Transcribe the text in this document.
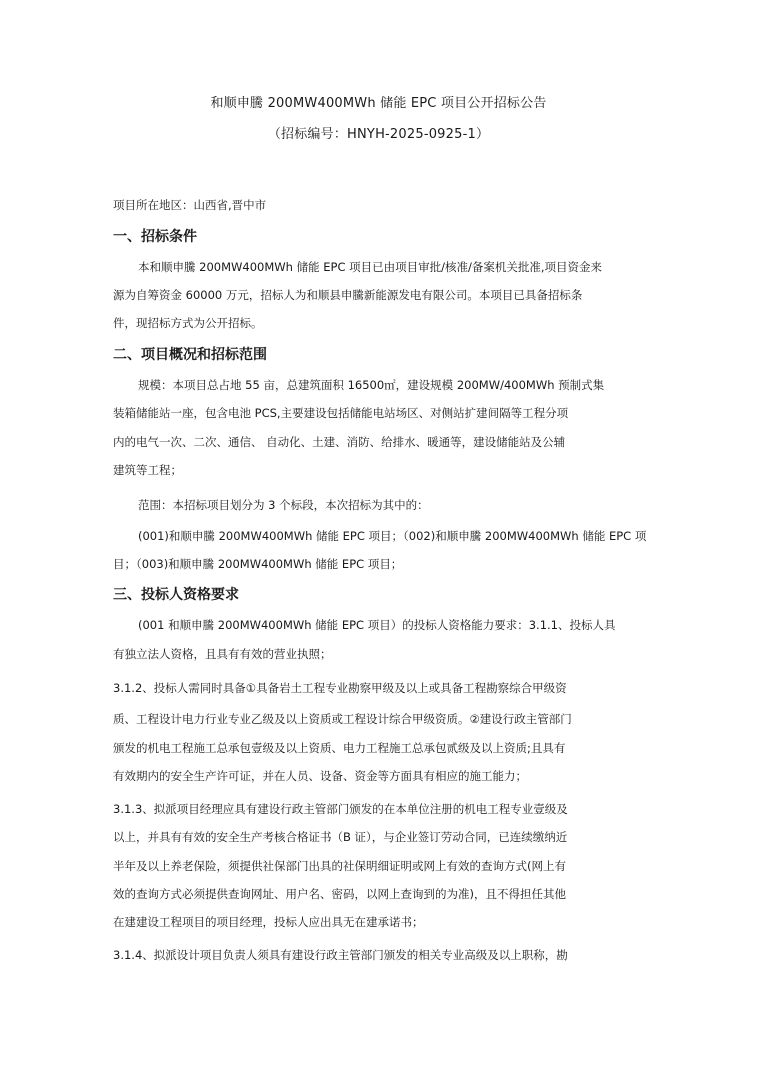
和顺申騰 200MW400MWh 储能 EPC 项目公开招标公告
（招标编号：HNYH-2025-0925-1）
项目所在地区：山西省,晋中市
一、招标条件
本和顺申騰 200MW400MWh 储能 EPC 项目已由项目审批/核准/备案机关批准,项目资金来
源为自筹资金 60000 万元，招标人为和顺县申騰新能源发电有限公司。本项目已具备招标条
件，现招标方式为公开招标。
二、项目概况和招标范围
规模：本项目总占地 55 亩，总建筑面积 16500㎡，建设规模 200MW/400MWh 预制式集
装箱储能站一座，包含电池 PCS,主要建设包括储能电站场区、对侧站扩建间隔等工程分项
内的电气一次、二次、通信、 自动化、土建、消防、给排水、暖通等，建设储能站及公辅
建筑等工程；
范围：本招标项目划分为 3 个标段，本次招标为其中的：
(001)和顺申騰 200MW400MWh 储能 EPC 项目；（002)和顺申騰 200MW400MWh 储能 EPC 项
目；（003)和顺申騰 200MW400MWh 储能 EPC 项目；
三、投标人资格要求
(001 和顺申騰 200MW400MWh 储能 EPC 项目）的投标人资格能力要求：3.1.1、投标人具
有独立法人资格，且具有有效的营业执照；
3.1.2、投标人需同时具备①具备岩土工程专业勘察甲级及以上或具备工程勘察综合甲级资
质、工程设计电力行业专业乙级及以上资质或工程设计综合甲级资质。②建设行政主管部门
颁发的机电工程施工总承包壹级及以上资质、电力工程施工总承包贰级及以上资质;且具有
有效期内的安全生产许可证，并在人员、设备、资金等方面具有相应的施工能力；
3.1.3、拟派项目经理应具有建设行政主管部门颁发的在本单位注册的机电工程专业壹级及
以上，并具有有效的安全生产考核合格证书（B 证），与企业签订劳动合同，已连续缴纳近
半年及以上养老保险，须提供社保部门出具的社保明细证明或网上有效的查询方式(网上有
效的查询方式必须提供查询网址、用户名、密码，以网上查询到的为准)，且不得担任其他
在建建设工程项目的项目经理，投标人应出具无在建承诺书；
3.1.4、拟派设计项目负责人须具有建设行政主管部门颁发的相关专业高级及以上职称，勘
